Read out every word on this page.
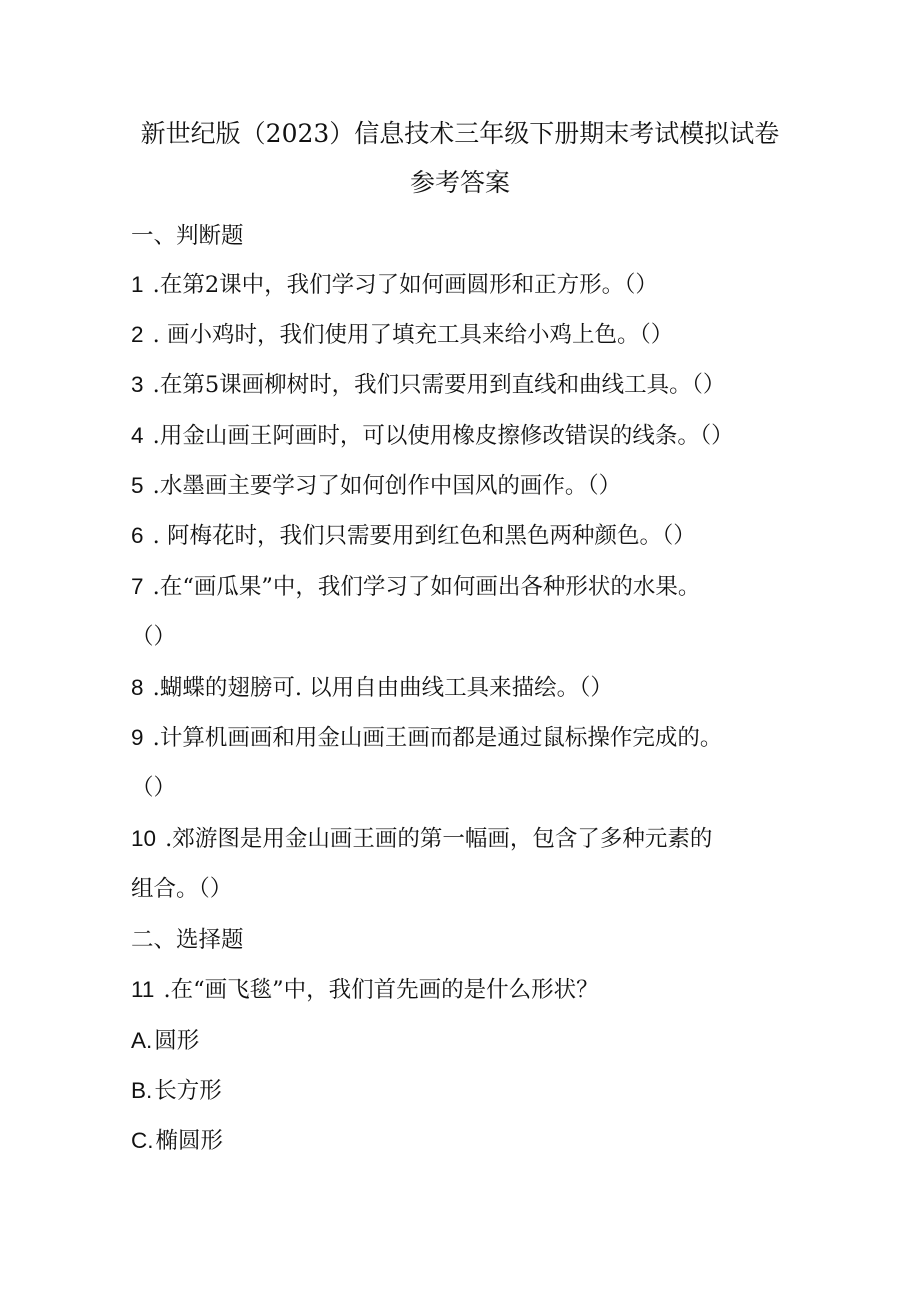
新世纪版（2023）信息技术三年级下册期末考试模拟试卷
参考答案
一、判断题
1 .在第2课中，我们学习了如何画圆形和正方形。（）
2 . 画小鸡时，我们使用了填充工具来给小鸡上色。（）
3 .在第5课画柳树时，我们只需要用到直线和曲线工具。（）
4 .用金山画王阿画时，可以使用橡皮擦修改错误的线条。（）
5 .水墨画主要学习了如何创作中国风的画作。（）
6 . 阿梅花时，我们只需要用到红色和黑色两种颜色。（）
7 .在“画瓜果”中，我们学习了如何画出各种形状的水果。
（）
8 .蝴蝶的翅膀可. 以用自由曲线工具来描绘。（）
9 .计算机画画和用金山画王画而都是通过鼠标操作完成的。
（）
10 .郊游图是用金山画王画的第一幅画，包含了多种元素的
组合。（）
二、选择题
11 .在“画飞毯”中，我们首先画的是什么形状？
A.圆形
B.长方形
C.椭圆形
